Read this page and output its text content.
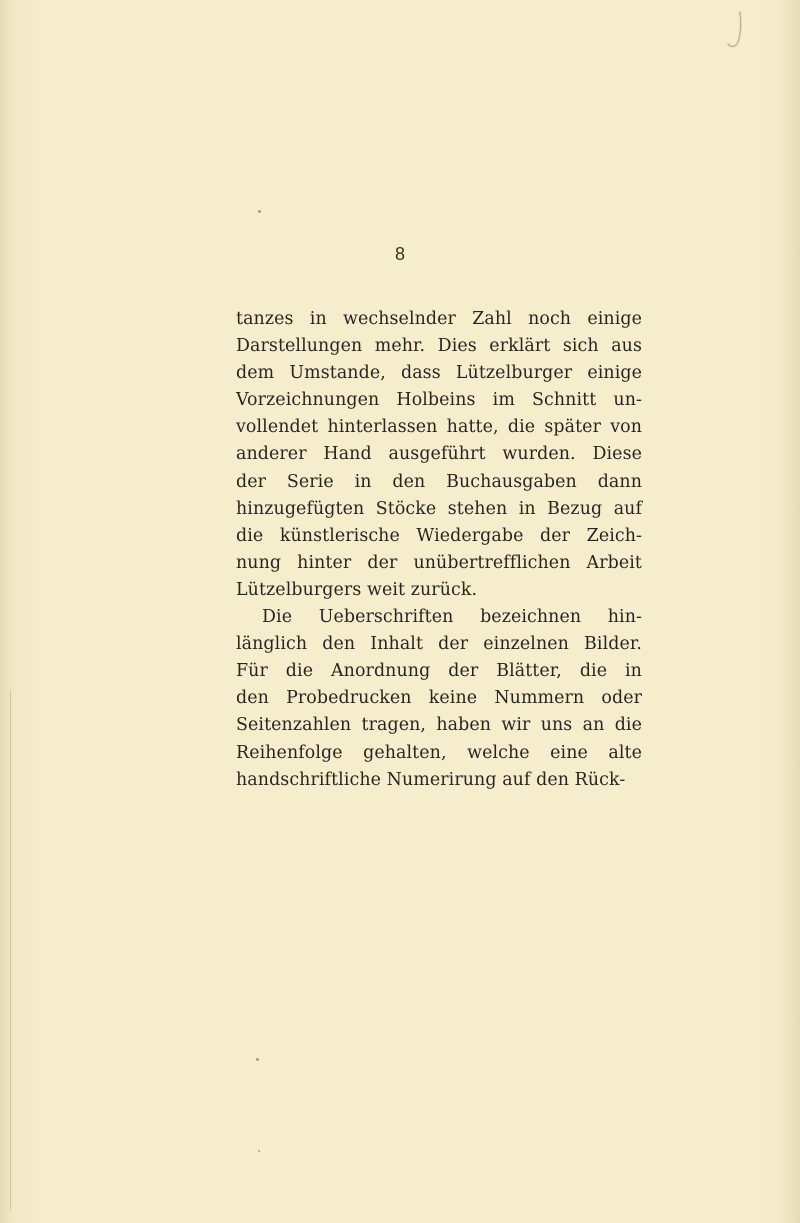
8
tanzes in wechselnder Zahl noch einige
Darstellungen mehr. Dies erklärt sich aus
dem Umstande, dass Lützelburger einige
Vorzeichnungen Holbeins im Schnitt un-
vollendet hinterlassen hatte, die später von
anderer Hand ausgeführt wurden. Diese
der Serie in den Buchausgaben dann
hinzugefügten Stöcke stehen in Bezug auf
die künstlerische Wiedergabe der Zeich-
nung hinter der unübertrefflichen Arbeit
Lützelburgers weit zurück.
Die Ueberschriften bezeichnen hin-
länglich den Inhalt der einzelnen Bilder.
Für die Anordnung der Blätter, die in
den Probedrucken keine Nummern oder
Seitenzahlen tragen, haben wir uns an die
Reihenfolge gehalten, welche eine alte
handschriftliche Numerirung auf den Rück-
